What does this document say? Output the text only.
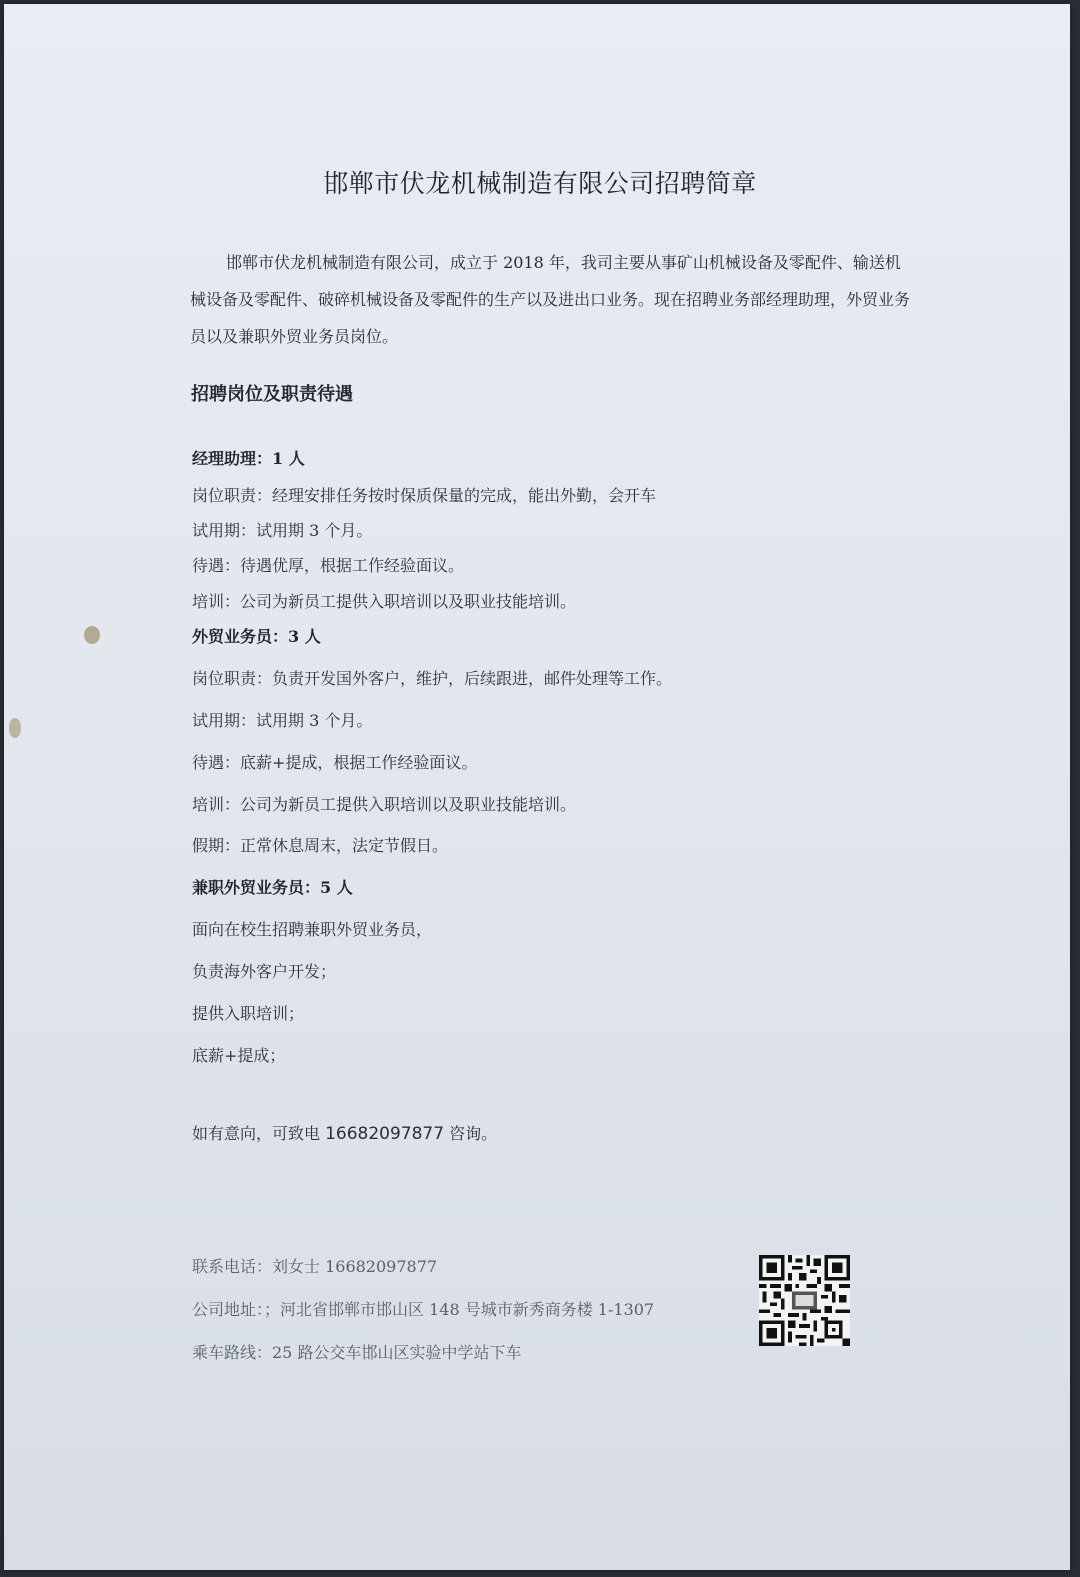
邯郸市伏龙机械制造有限公司招聘简章
邯郸市伏龙机械制造有限公司，成立于 2018 年，我司主要从事矿山机械设备及零配件、输送机械设备及零配件、破碎机械设备及零配件的生产以及进出口业务。现在招聘业务部经理助理，外贸业务员以及兼职外贸业务员岗位。
招聘岗位及职责待遇
经理助理：1 人
岗位职责：经理安排任务按时保质保量的完成，能出外勤，会开车
试用期：试用期 3 个月。
待遇：待遇优厚，根据工作经验面议。
培训：公司为新员工提供入职培训以及职业技能培训。
外贸业务员：3 人
岗位职责：负责开发国外客户，维护，后续跟进，邮件处理等工作。
试用期：试用期 3 个月。
待遇：底薪+提成，根据工作经验面议。
培训：公司为新员工提供入职培训以及职业技能培训。
假期：正常休息周末，法定节假日。
兼职外贸业务员：5 人
面向在校生招聘兼职外贸业务员，
负责海外客户开发；
提供入职培训；
底薪+提成；
如有意向，可致电 16682097877 咨询。
联系电话：刘女士 16682097877
公司地址：；河北省邯郸市邯山区 148 号城市新秀商务楼 1-1307
乘车路线：25 路公交车邯山区实验中学站下车
